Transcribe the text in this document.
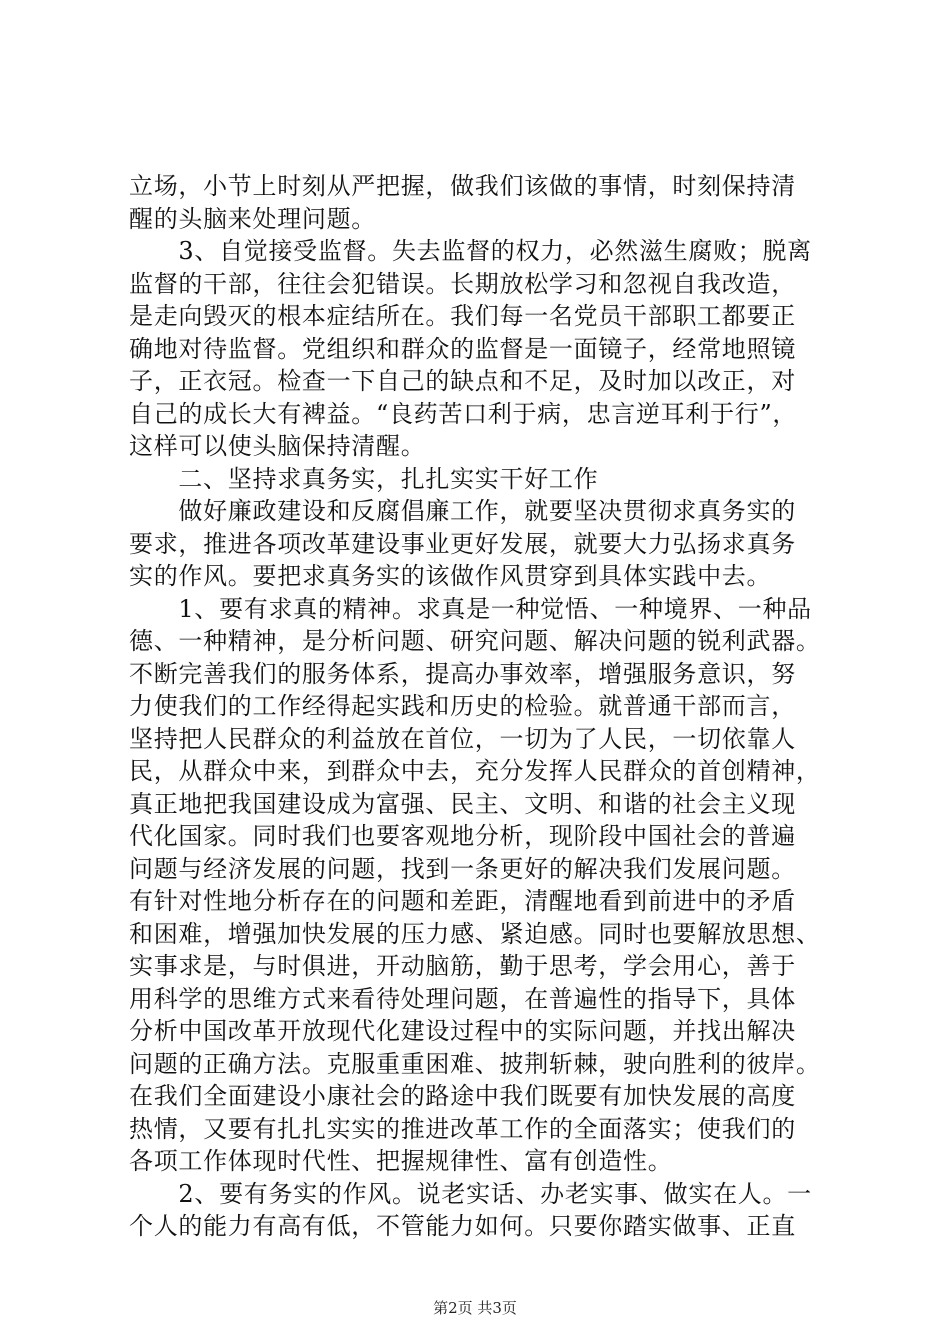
立场，小节上时刻从严把握，做我们该做的事情，时刻保持清
醒的头脑来处理问题。
　　3、自觉接受监督。失去监督的权力，必然滋生腐败；脱离
监督的干部，往往会犯错误。长期放松学习和忽视自我改造，
是走向毁灭的根本症结所在。我们每一名党员干部职工都要正
确地对待监督。党组织和群众的监督是一面镜子，经常地照镜
子，正衣冠。检查一下自己的缺点和不足，及时加以改正，对
自己的成长大有裨益。“良药苦口利于病，忠言逆耳利于行”，
这样可以使头脑保持清醒。
　　二、坚持求真务实，扎扎实实干好工作
　　做好廉政建设和反腐倡廉工作，就要坚决贯彻求真务实的
要求，推进各项改革建设事业更好发展，就要大力弘扬求真务
实的作风。要把求真务实的该做作风贯穿到具体实践中去。
　　1、要有求真的精神。求真是一种觉悟、一种境界、一种品
德、一种精神，是分析问题、研究问题、解决问题的锐利武器。
不断完善我们的服务体系，提高办事效率，增强服务意识，努
力使我们的工作经得起实践和历史的检验。就普通干部而言，
坚持把人民群众的利益放在首位，一切为了人民，一切依靠人
民，从群众中来，到群众中去，充分发挥人民群众的首创精神，
真正地把我国建设成为富强、民主、文明、和谐的社会主义现
代化国家。同时我们也要客观地分析，现阶段中国社会的普遍
问题与经济发展的问题，找到一条更好的解决我们发展问题。
有针对性地分析存在的问题和差距，清醒地看到前进中的矛盾
和困难，增强加快发展的压力感、紧迫感。同时也要解放思想、
实事求是，与时俱进，开动脑筋，勤于思考，学会用心，善于
用科学的思维方式来看待处理问题，在普遍性的指导下，具体
分析中国改革开放现代化建设过程中的实际问题，并找出解决
问题的正确方法。克服重重困难、披荆斩棘，驶向胜利的彼岸。
在我们全面建设小康社会的路途中我们既要有加快发展的高度
热情，又要有扎扎实实的推进改革工作的全面落实；使我们的
各项工作体现时代性、把握规律性、富有创造性。
　　2、要有务实的作风。说老实话、办老实事、做实在人。一
个人的能力有高有低，不管能力如何。只要你踏实做事、正直
第2页 共3页
